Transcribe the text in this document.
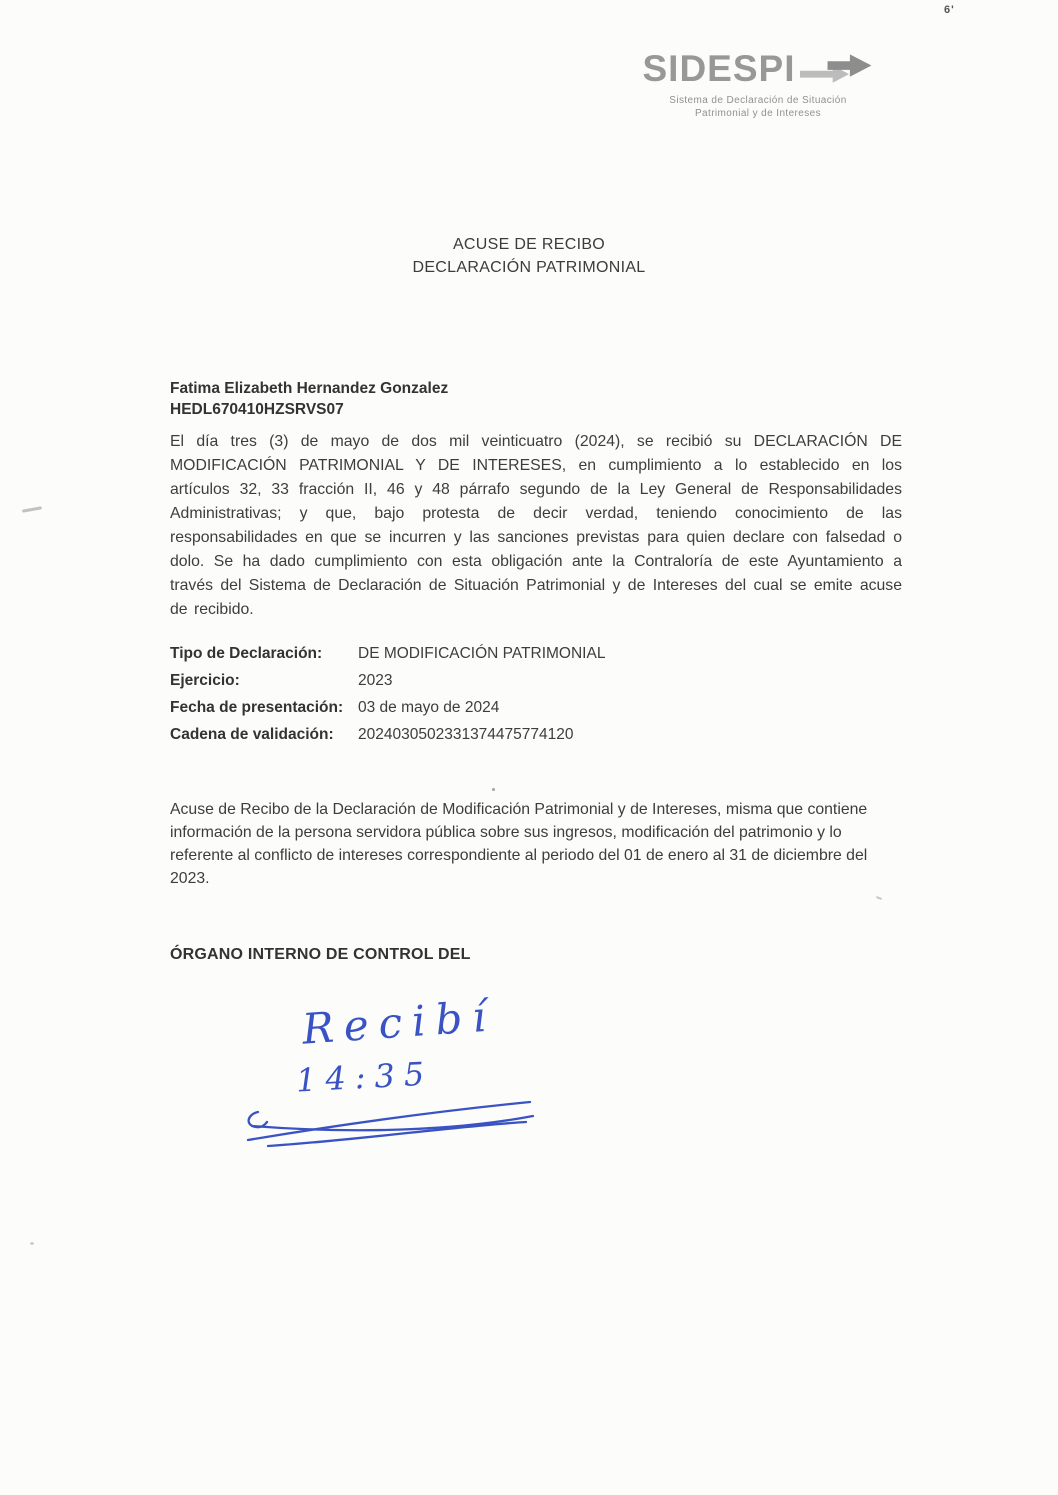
6'
SIDESPI
Sistema de Declaración de Situación
Patrimonial y de Intereses
ACUSE DE RECIBO
DECLARACIÓN PATRIMONIAL
Fatima Elizabeth Hernandez Gonzalez
HEDL670410HZSRVS07

El día tres (3) de mayo de dos mil veinticuatro (2024), se recibió su DECLARACIÓN DE MODIFICACIÓN PATRIMONIAL Y DE INTERESES, en cumplimiento a lo establecido en los artículos 32, 33 fracción II, 46 y 48 párrafo segundo de la Ley General de Responsabilidades Administrativas; y que, bajo protesta de decir verdad, teniendo conocimiento de las responsabilidades en que se incurren y las sanciones previstas para quien declare con falsedad o dolo. Se ha dado cumplimiento con esta obligación ante la Contraloría de este Ayuntamiento a través del Sistema de Declaración de Situación Patrimonial y de Intereses del cual se emite acuse de recibido.

Tipo de Declaración:	DE MODIFICACIÓN PATRIMONIAL
Ejercicio:	2023
Fecha de presentación: 03 de mayo de 2024
Cadena de validación:	2024030502331374475774120

Acuse de Recibo de la Declaración de Modificación Patrimonial y de Intereses, misma que contiene información de la persona servidora pública sobre sus ingresos, modificación del patrimonio y lo referente al conflicto de intereses correspondiente al periodo del 01 de enero al 31 de diciembre del 2023.

ÓRGANO INTERNO DE CONTROL DEL
Recibí
14:35
